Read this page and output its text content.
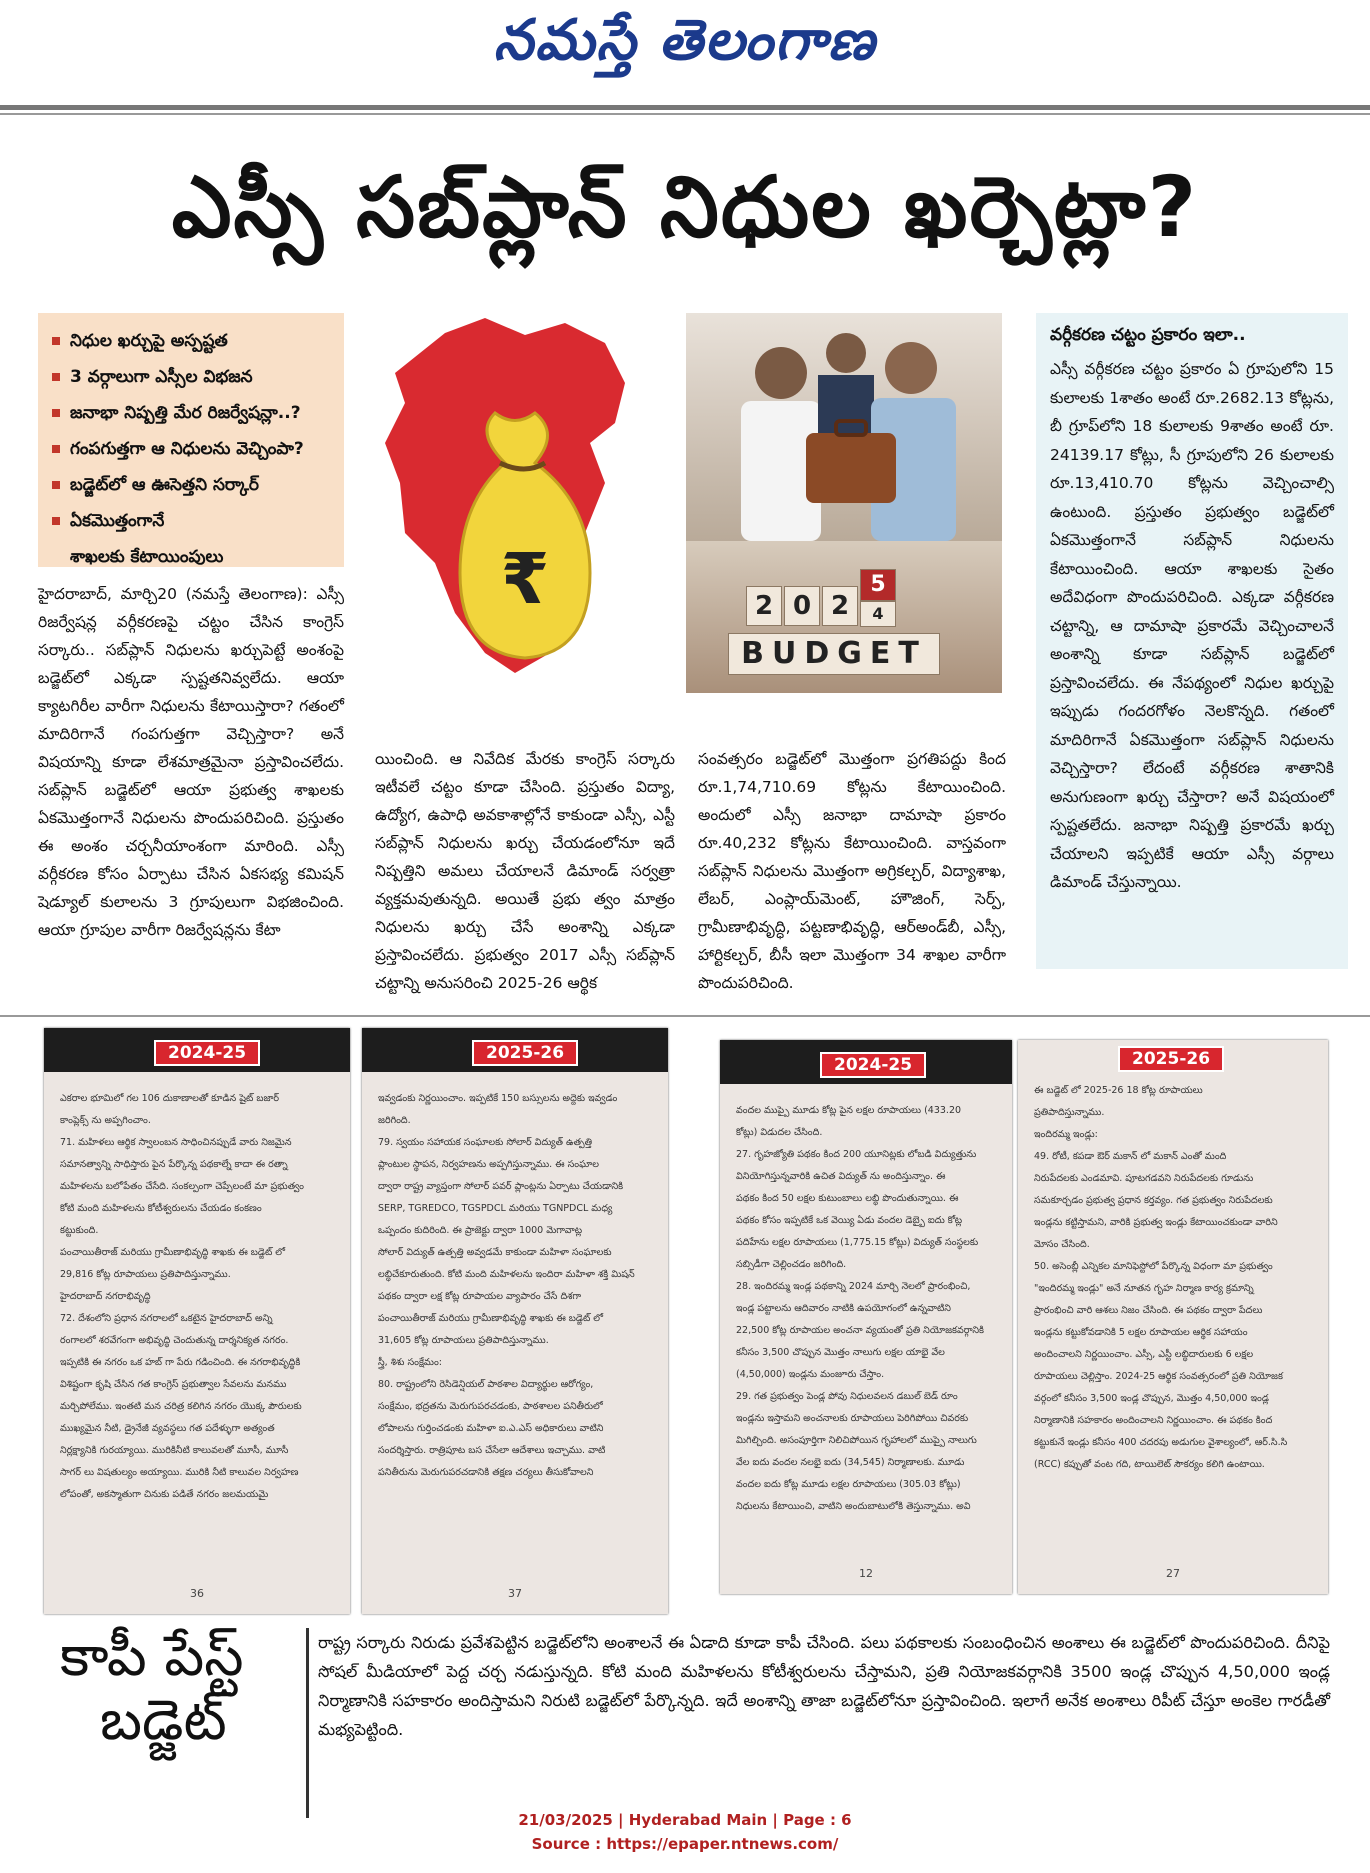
నమస్తే తెలంగాణ
ఎస్సీ సబ్‌ప్లాన్ నిధుల ఖర్చెట్లా?
నిధుల ఖర్చుపై అస్పష్టత
3 వర్గాలుగా ఎస్సీల విభజన
జనాభా నిష్పత్తి మేర రిజర్వేషన్లా..?
గంపగుత్తగా ఆ నిధులను వెచ్చిం‌పా?
బడ్జెట్‌లో ఆ ఊసెత్తని సర్కార్
ఏకమొత్తంగానే
శాఖలకు కేటాయింపులు	₹	2 0 2
5
4
BUDGET
హైదరాబాద్, మార్చి20 (నమస్తే తెలంగాణ): ఎస్సీ రిజర్వేషన్ల వర్గీకరణపై చట్టం చేసిన కాంగ్రెస్ సర్కారు.. సబ్‌ప్లాన్ నిధులను ఖర్చుపెట్టే అంశంపై బడ్జెట్‌లో ఎక్కడా స్పష్టతనివ్వలేదు. ఆయా క్యాటగిరీల వారీగా నిధులను కేటాయిస్తారా? గతంలో మాదిరిగానే గంపగుత్తగా వెచ్చిస్తారా? అనే విషయాన్ని కూడా లేశమాత్రమైనా ప్రస్తావించలేదు. సబ్‌ప్లాన్ బడ్జెట్‌లో ఆయా ప్రభుత్వ శాఖలకు ఏకమొత్తంగానే నిధులను పొందుపరిచింది. ప్రస్తుతం ఈ అంశం చర్చనీయాంశంగా మారింది. ఎస్సీ వర్గీకరణ కోసం ఏర్పాటు చేసిన ఏకసభ్య కమిషన్ షెడ్యూల్ కులాలను 3 గ్రూపులుగా విభజించింది. ఆయా గ్రూపుల వారీగా రిజర్వేషన్లను కేటా
యించింది. ఆ నివేదిక మేరకు కాంగ్రెస్ సర్కారు ఇటీవలే చట్టం కూడా చేసింది. ప్రస్తుతం విద్యా, ఉద్యోగ, ఉపాధి అవకాశాల్లోనే కాకుండా ఎస్సీ, ఎస్టీ సబ్‌ప్లాన్ నిధులను ఖర్చు చేయడంలోనూ ఇదే నిష్పత్తిని అమలు చేయాలనే డిమాండ్ సర్వత్రా వ్యక్తమవుతున్నది. అయితే ప్రభు త్వం మాత్రం నిధులను ఖర్చు చేసే అంశాన్ని ఎక్కడా ప్రస్తావించలేదు. ప్రభుత్వం 2017 ఎస్సీ సబ్‌ప్లాన్ చట్టాన్ని అనుసరించి 2025-26 ఆర్థిక
సంవత్సరం బడ్జెట్‌లో మొత్తంగా ప్రగతిపద్దు కింద రూ.1,74,710.69 కోట్లను కేటాయించింది. అందులో ఎస్సీ జనాభా దామాషా ప్రకారం రూ.40,232 కోట్లను కేటాయించింది. వాస్తవంగా సబ్‌ప్లాన్ నిధులను మొత్తంగా అగ్రికల్చర్, విద్యాశాఖ, లేబర్, ఎంప్లాయ్‌మెంట్, హౌజింగ్, సెర్ప్, గ్రామీణాభివృద్ధి, పట్టణాభివృద్ధి, ఆర్‌అండ్‌బీ, ఎస్సీ, హార్టికల్చర్, బీసీ ఇలా మొత్తంగా 34 శాఖల వారీగా పొందుపరిచింది.
వర్గీకరణ చట్టం ప్రకారం ఇలా..
ఎస్సీ వర్గీకరణ చట్టం ప్రకారం ఏ గ్రూపులోని 15 కులాలకు 1శాతం అంటే రూ.2682.13 కోట్లను, బీ గ్రూప్‌లోని 18 కులాలకు 9శాతం అంటే రూ. 24139.17 కోట్లు, సీ గ్రూపులోని 26 కులాలకు రూ.13,410.70 కోట్లను వెచ్చించాల్సి ఉంటుంది. ప్రస్తుతం ప్రభుత్వం బడ్జెట్‌లో ఏకమొత్తంగానే సబ్‌ప్లాన్ నిధులను కేటాయించింది. ఆయా శాఖలకు సైతం అదేవిధంగా పొందుపరిచింది. ఎక్కడా వర్గీకరణ చట్టాన్ని, ఆ దామాషా ప్రకారమే వెచ్చించాలనే అంశాన్ని కూడా సబ్‌ప్లాన్ బడ్జెట్‌లో ప్రస్తావించలేదు. ఈ నేపథ్యంలో నిధుల ఖర్చుపై ఇప్పుడు గందరగోళం నెలకొన్నది. గతంలో మాదిరిగానే ఏకమొత్తంగా సబ్‌ప్లాన్ నిధులను వెచ్చిస్తారా? లేదంటే వర్గీకరణ శాతానికి అనుగుణంగా ఖర్చు చేస్తారా? అనే విషయంలో స్పష్టతలేదు. జనాభా నిష్పత్తి ప్రకారమే ఖర్చు చేయాలని ఇప్పటికే ఆయా ఎస్సీ వర్గాలు డిమాండ్ చేస్తున్నాయి.
2024-25
ఎకరాల భూమిలో గల 106 దుకాణాలతో కూడిన షైట్ బజార్
కాంప్లెక్స్ ను అప్పగించాం.
71. మహిళలు ఆర్థిక స్వాలంబన సాధించినప్పుడే వారు నిజమైన
సమానత్వాన్ని సాధిస్తారు పైన పేర్కొన్న పథకాల్నే కాదా ఈ రత్నా
మహిళలను బలోపేతం చేసేది. సంకల్పంగా చెప్పేలంటే మా ప్రభుత్వం
కోటి మంది మహిళలను కోటీశ్వరులను చేయడం కంకణం
కట్టుకుంది.
పంచాయితీరాజ్ మరియు గ్రామీణాభివృద్ధి శాఖకు ఈ బడ్జెట్ లో
29,816 కోట్ల రూపాయలు ప్రతిపాదిస్తున్నాము.
హైదరాబాద్ నగరాభివృద్ధి
72. దేశంలోని ప్రధాన నగరాలలో ఒకటైన హైదరాబాద్ అన్ని
రంగాలలో శరవేగంగా అభివృద్ధి చెందుతున్న దార్శనిక్యత నగరం.
ఇప్పటికి ఈ నగరం ఒక హబ్ గా పేరు గడించింది. ఈ నగరాభివృద్ధికి
విశిష్టంగా కృషి చేసిన గత కాంగ్రెస్ ప్రభుత్వాల సేవలను మనము
మర్చిపోలేము. ఇంతటి మన చరిత్ర కలిగిన నగరం యొక్క పౌరులకు
ముఖ్యమైన నీటి, డ్రైనేజీ వ్యవస్థలు గత పదేళ్ళుగా అత్యంత
నిర్లక్ష్యానికి గురయ్యాయి. మురికినీటి కాలువలతో మూసీ, మూసీ
సాగర్ లు విషతుల్యం అయ్యాయి. మురికి నీటి కాలువల నిర్వహణ
లోపంతో, అకస్మాతుగా చినుకు పడితే నగరం జలమయమై
36
2025-26
ఇవ్వడంకు నిర్ణయించాం. ఇప్పటికే 150 బస్సులను అద్దెకు ఇవ్వడం
జరిగింది.
79. స్వయం సహాయక సంఘాలకు సోలార్ విద్యుత్ ఉత్పత్తి
ప్లాంటుల స్థాపన, నిర్వహణను అప్పగిస్తున్నాము. ఈ సంఘాల
ద్వారా రాష్ట్ర వ్యాప్తంగా సోలార్ పవర్ ప్లాంట్లను ఏర్పాటు చేయడానికి
SERP, TGREDCO, TGSPDCL మరియు TGNPDCL మధ్య
ఒప్పందం కుదిరింది. ఈ ప్రాజెక్టు ద్వారా 1000 మెగావాట్ల
సోలార్ విద్యుత్ ఉత్పత్తి అవ్వడమే కాకుండా మహిళా సంఘాలకు
లబ్ధిచేకూరుతుంది. కోటి మంది మహిళలను ఇందిరా మహిళా శక్తి మిషన్
పథకం ద్వారా లక్ష కోట్ల రూపాయల వ్యాపారం చేసే దిశగా
పంచాయితీరాజ్ మరియు గ్రామీణాభివృద్ధి శాఖకు ఈ బడ్జెట్ లో
31,605 కోట్ల రూపాయలు ప్రతిపాదిస్తున్నాము.
స్త్రీ, శిశు సంక్షేమం:
80. రాష్ట్రంలోని రెసిడెన్షియల్ పాఠశాల విద్యార్థుల ఆరోగ్యం,
సంక్షేమం, భద్రతను మెరుగుపరచడంకు, పాఠశాలల పనితీరులో
లోపాలను గుర్తించడంకు మహిళా ఐ.ఎ.ఎస్ అధికారులు వాటిని
సందర్శిస్తారు. రాత్రిపూట బస చేసేలా ఆదేశాలు ఇచ్చాము. వాటి
పనితీరును మెరుగుపరచడానికి తక్షణ చర్యలు తీసుకోవాలని
37
2024-25
వందల ముప్పై మూడు కోట్ల పైన లక్షల రూపాయలు (433.20
కోట్లు) విడుదల చేసింది.
27. గృహజ్యోతి పథకం కింద 200 యూనిట్లకు లోబడి విద్యుత్తును
వినియోగిస్తున్నవారికి ఉచిత విద్యుత్ ను అందిస్తున్నాం. ఈ
పథకం కింద 50 లక్షల కుటుంబాలు లబ్ధి పొందుతున్నాయి. ఈ
పథకం కోసం ఇప్పటికే ఒక వెయ్యి ఏడు వందల డెబ్బై ఐదు కోట్ల
పదిహేను లక్షల రూపాయలు (1,775.15 కోట్లు) విద్యుత్ సంస్థలకు
సబ్సిడీగా చెల్లించడం జరిగింది.
28. ఇందిరమ్మ ఇండ్ల పథకాన్ని 2024 మార్చి నెలలో ప్రారంభించి,
ఇండ్ల పట్టాలను ఆదివారం నాటికి ఉపయోగంలో ఉన్నవాటిని
22,500 కోట్ల రూపాయల అంచనా వ్యయంతో ప్రతి నియోజకవర్గానికి
కనీసం 3,500 చొప్పున మొత్తం నాలుగు లక్షల యాభై వేల
(4,50,000) ఇండ్లను మంజూరు చేస్తాం.
29. గత ప్రభుత్వం పెండ్ల పోవు నిధులవలన డబుల్ బెడ్ రూం
ఇండ్లను ఇస్తామని అంచనాలకు రూపాయలు పెరిగిపోయి చివరకు
మిగిల్చింది. అసంపూర్తిగా నిలిచిపోయిన గృహాలలో ముప్పై నాలుగు
వేల ఐదు వందల నలభై ఐదు (34,545) నిర్మాణాలకు. మూడు
వందల ఐదు కోట్ల మూడు లక్షల రూపాయలు (305.03 కోట్లు)
నిధులను కేటాయించి, వాటిని అందుబాటులోకి తెస్తున్నాము. అవి
12
2025-26
ఈ బడ్జెట్ లో 2025-26 18 కోట్ల రూపాయలు
ప్రతిపాదిస్తున్నాము.
ఇందిరమ్మ ఇండ్లు:
49. రోటీ, కపడా ఔర్ మకాన్ లో మకాన్ ఎంతో మంది
నిరుపేదలకు ఎండమావి. పూటగడవని నిరుపేదలకు గూడును
సమకూర్చడం ప్రభుత్వ ప్రధాన కర్తవ్యం. గత ప్రభుత్వం నిరుపేదలకు
ఇండ్లను కట్టిస్తామని, వారికి ప్రభుత్వ ఇండ్లు కేటాయించకుండా వారిని
మోసం చేసింది.
50. అసెంబ్లీ ఎన్నికల మానిఫెస్టోలో పేర్కొన్న విధంగా మా ప్రభుత్వం
"ఇందిరమ్మ ఇండ్లు" అనే నూతన గృహ నిర్మాణ కార్య క్రమాన్ని
ప్రారంభించి వారి ఆశలు నిజం చేసింది. ఈ పథకం ద్వారా పేదలు
ఇండ్లను కట్టుకోవడానికి 5 లక్షల రూపాయల ఆర్థిక సహాయం
అందించాలని నిర్ణయించాం. ఎస్సీ, ఎస్టీ లబ్ధిదారులకు 6 లక్షల
రూపాయలు చెల్లిస్తాం. 2024-25 ఆర్థిక సంవత్సరంలో ప్రతి నియోజక
వర్గంలో కనీసం 3,500 ఇండ్ల చొప్పున, మొత్తం 4,50,000 ఇండ్ల
నిర్మాణానికి సహకారం అందించాలని నిర్ణయించాం. ఈ పథకం కింద
కట్టుకునే ఇండ్లు కనీసం 400 చదరపు అడుగుల వైశాల్యంలో, ఆర్.సి.సి
(RCC) కప్పుతో వంట గది, టాయిలెట్ సౌకర్యం కలిగి ఉంటాయి.
27
కాపీ పేస్ట్
బడ్జెట్
రాష్ట్ర సర్కారు నిరుడు ప్రవేశపెట్టిన బడ్జెట్‌లోని అంశాలనే ఈ ఏడాది కూడా కాపీ చేసింది. పలు పథకాలకు సంబంధించిన అంశాలు ఈ బడ్జెట్‌లో పొందుపరిచింది. దీనిపై సోషల్ మీడియాలో పెద్ద చర్చ నడుస్తున్నది. కోటి మంది మహిళలను కోటీశ్వరులను చేస్తామని, ప్రతి నియోజకవర్గానికి 3500 ఇండ్ల చొప్పున 4,50,000 ఇండ్ల నిర్మాణానికి సహకారం అందిస్తామని నిరుటి బడ్జెట్‌లో పేర్కొన్నది. ఇదే అంశాన్ని తాజా బడ్జెట్‌లోనూ ప్రస్తావించింది. ఇలాగే అనేక అంశాలు రిపీట్ చేస్తూ అంకెల గారడీతో మభ్యపెట్టింది.
21/03/2025 | Hyderabad Main | Page : 6
Source : https://epaper.ntnews.com/
